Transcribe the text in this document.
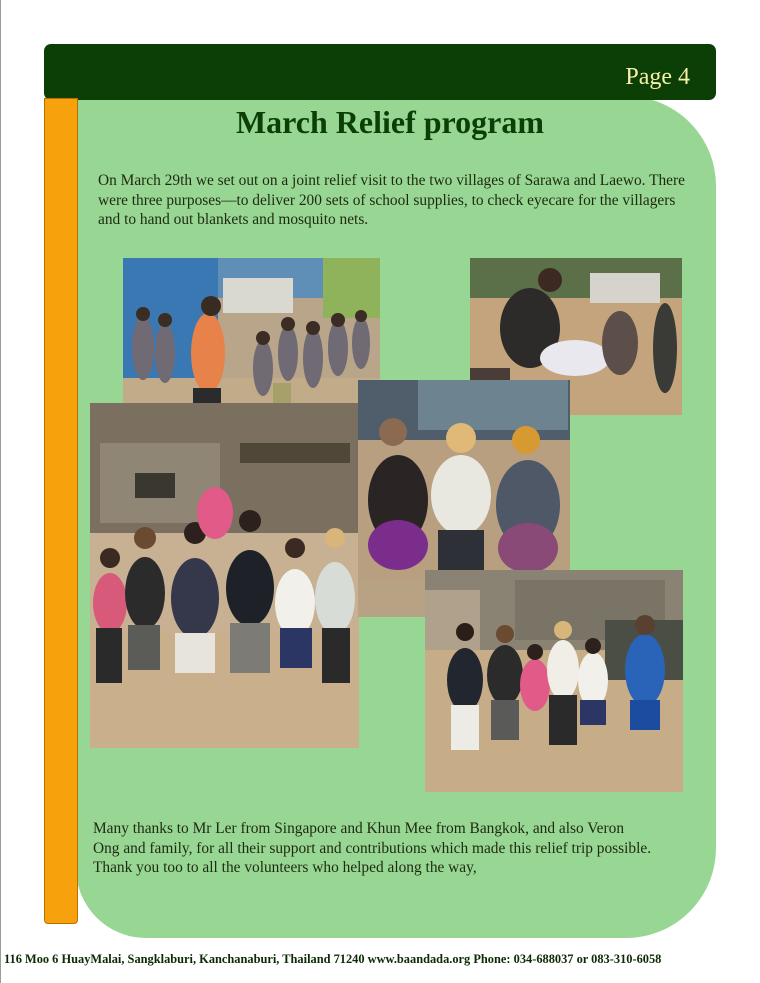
Page 4
March Relief program

On March 29th we set out on a joint relief visit to the two villages of Sarawa and Laewo. There were three purposes—to deliver 200 sets of school supplies, to check eyecare for the villagers and to hand out blankets and mosquito nets.

Many thanks to Mr Ler from Singapore and Khun Mee from Bangkok, and also Veron
Ong and family, for all their support and contributions which made this relief trip possible.
Thank you too to all the volunteers who helped along the way,

116 Moo 6 HuayMalai, Sangklaburi, Kanchanaburi, Thailand 71240 www.baandada.org Phone: 034-688037 or 083-310-6058
